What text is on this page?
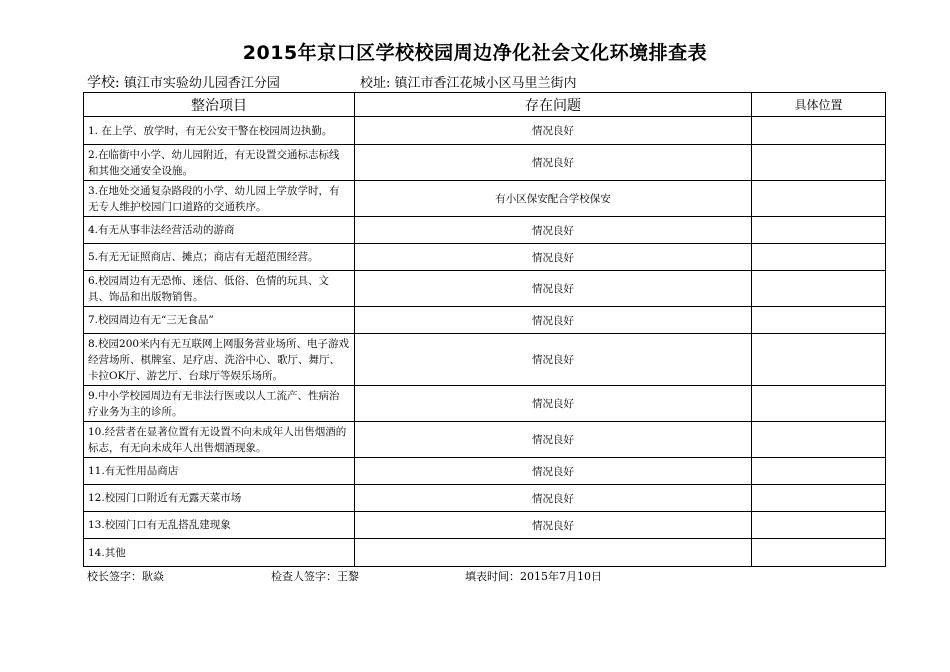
2015年京口区学校校园周边净化社会文化环境排查表
学校: 镇江市实验幼儿园香江分园	校址: 镇江市香江花城小区马里兰街内
整治项目	存在问题	具体位置
1. 在上学、放学时，有无公安干警在校园周边执勤。	情况良好	
2.在临街中小学、幼儿园附近，有无设置交通标志标线和其他交通安全设施。	情况良好	
3.在地处交通复杂路段的小学、幼儿园上学放学时，有无专人维护校园门口道路的交通秩序。	有小区保安配合学校保安	
4.有无从事非法经营活动的游商	情况良好	
5.有无无证照商店、摊点；商店有无超范围经营。	情况良好	
6.校园周边有无恐怖、迷信、低俗、色情的玩具、文具、饰品和出版物销售。	情况良好	
7.校园周边有无“三无食品”	情况良好	
8.校园200米内有无互联网上网服务营业场所、电子游戏经营场所、棋牌室、足疗店、洗浴中心、歌厅、舞厅、卡拉OK厅、游艺厅、台球厅等娱乐场所。	情况良好	
9.中小学校园周边有无非法行医或以人工流产、性病治疗业务为主的诊所。	情况良好	
10.经营者在显著位置有无设置不向未成年人出售烟酒的标志，有无向未成年人出售烟酒现象。	情况良好	
11.有无性用品商店	情况良好	
12.校园门口附近有无露天菜市场	情况良好	
13.校园门口有无乱搭乱建现象	情况良好	
14.其他		
校长签字：耿焱	检查人签字：王黎	填表时间：2015年7月10日
